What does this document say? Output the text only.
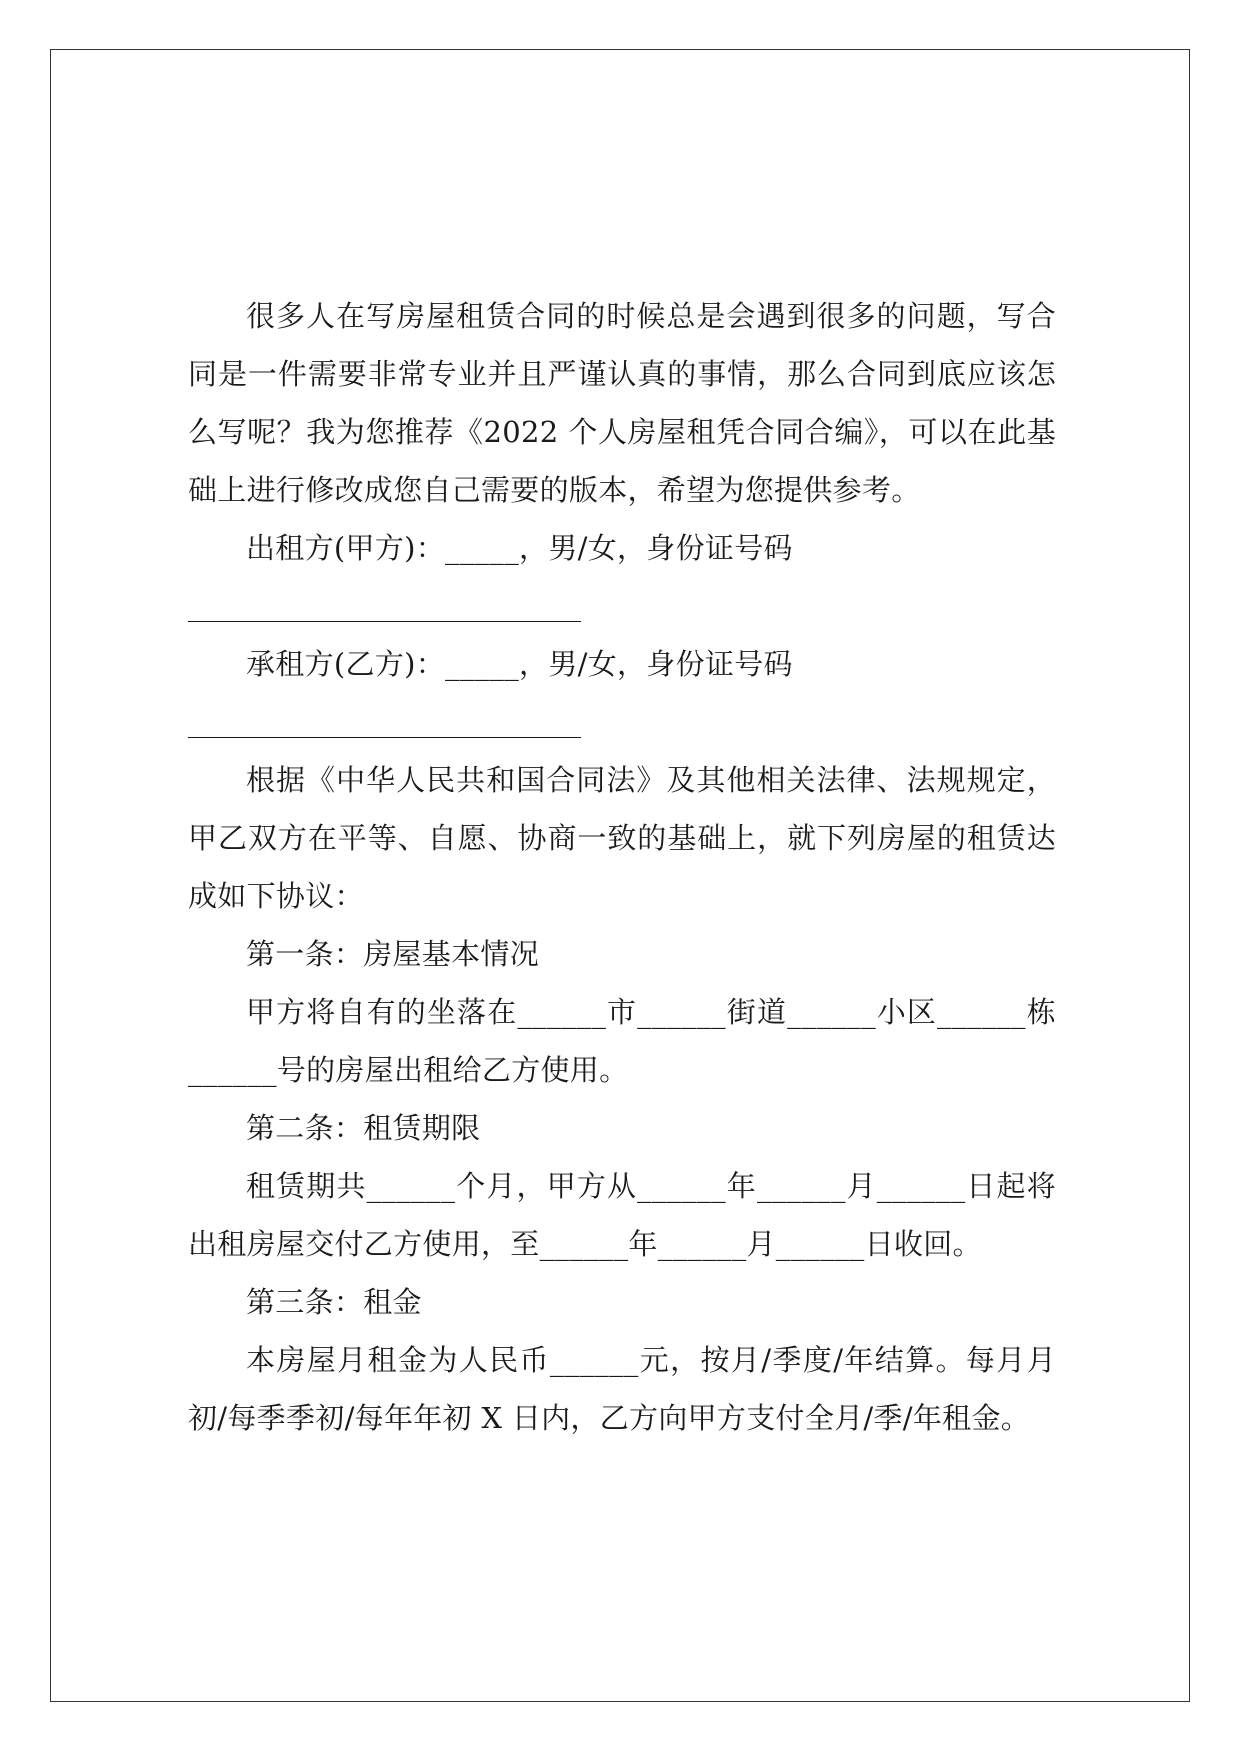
很多人在写房屋租赁合同的时候总是会遇到很多的问题，写合同是一件需要非常专业并且严谨认真的事情，那么合同到底应该怎么写呢？我为您推荐《2022 个人房屋租凭合同合编》，可以在此基础上进行修改成您自己需要的版本，希望为您提供参考。

出租方(甲方)：_____，男/女，身份证号码

承租方(乙方)：_____，男/女，身份证号码

根据《中华人民共和国合同法》及其他相关法律、法规规定，甲乙双方在平等、自愿、协商一致的基础上，就下列房屋的租赁达成如下协议：

第一条：房屋基本情况

甲方将自有的坐落在______市______街道______小区______栋______号的房屋出租给乙方使用。

第二条：租赁期限

租赁期共______个月，甲方从______年______月______日起将出租房屋交付乙方使用，至______年______月______日收回。

第三条：租金

本房屋月租金为人民币______元，按月/季度/年结算。每月月初/每季季初/每年年初 X 日内，乙方向甲方支付全月/季/年租金。
